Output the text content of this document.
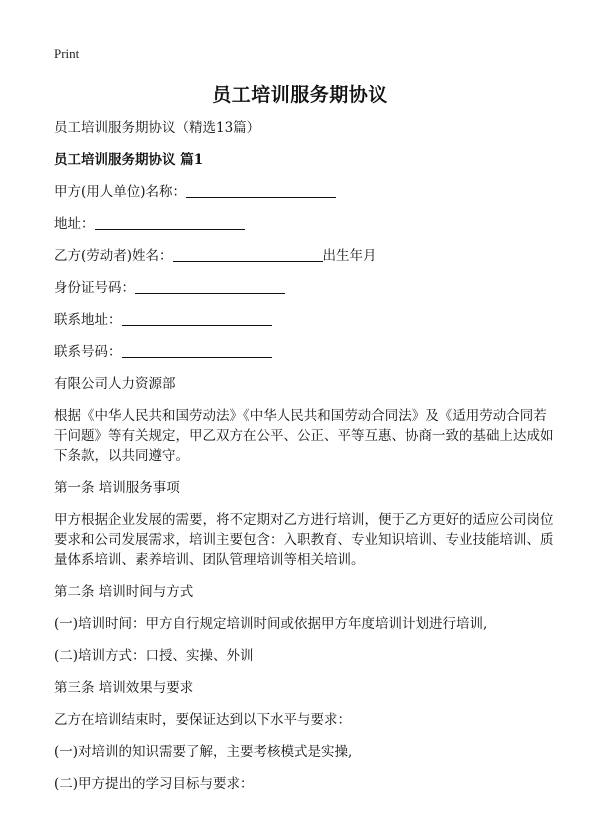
Print
员工培训服务期协议

员工培训服务期协议（精选13篇）

员工培训服务期协议 篇1

甲方(用人单位)名称：

地址：

乙方(劳动者)姓名：	出生年月

身份证号码：

联系地址：

联系号码：

有限公司人力资源部

根据《中华人民共和国劳动法》《中华人民共和国劳动合同法》及《适用劳动合同若干问题》等有关规定，甲乙双方在公平、公正、平等互惠、协商一致的基础上达成如下条款，以共同遵守。

第一条 培训服务事项

甲方根据企业发展的需要，将不定期对乙方进行培训，便于乙方更好的适应公司岗位要求和公司发展需求，培训主要包含：入职教育、专业知识培训、专业技能培训、质量体系培训、素养培训、团队管理培训等相关培训。

第二条 培训时间与方式

(一)培训时间：甲方自行规定培训时间或依据甲方年度培训计划进行培训,

(二)培训方式：口授、实操、外训

第三条 培训效果与要求

乙方在培训结束时，要保证达到以下水平与要求：

(一)对培训的知识需要了解，主要考核模式是实操,

(二)甲方提出的学习目标与要求：
